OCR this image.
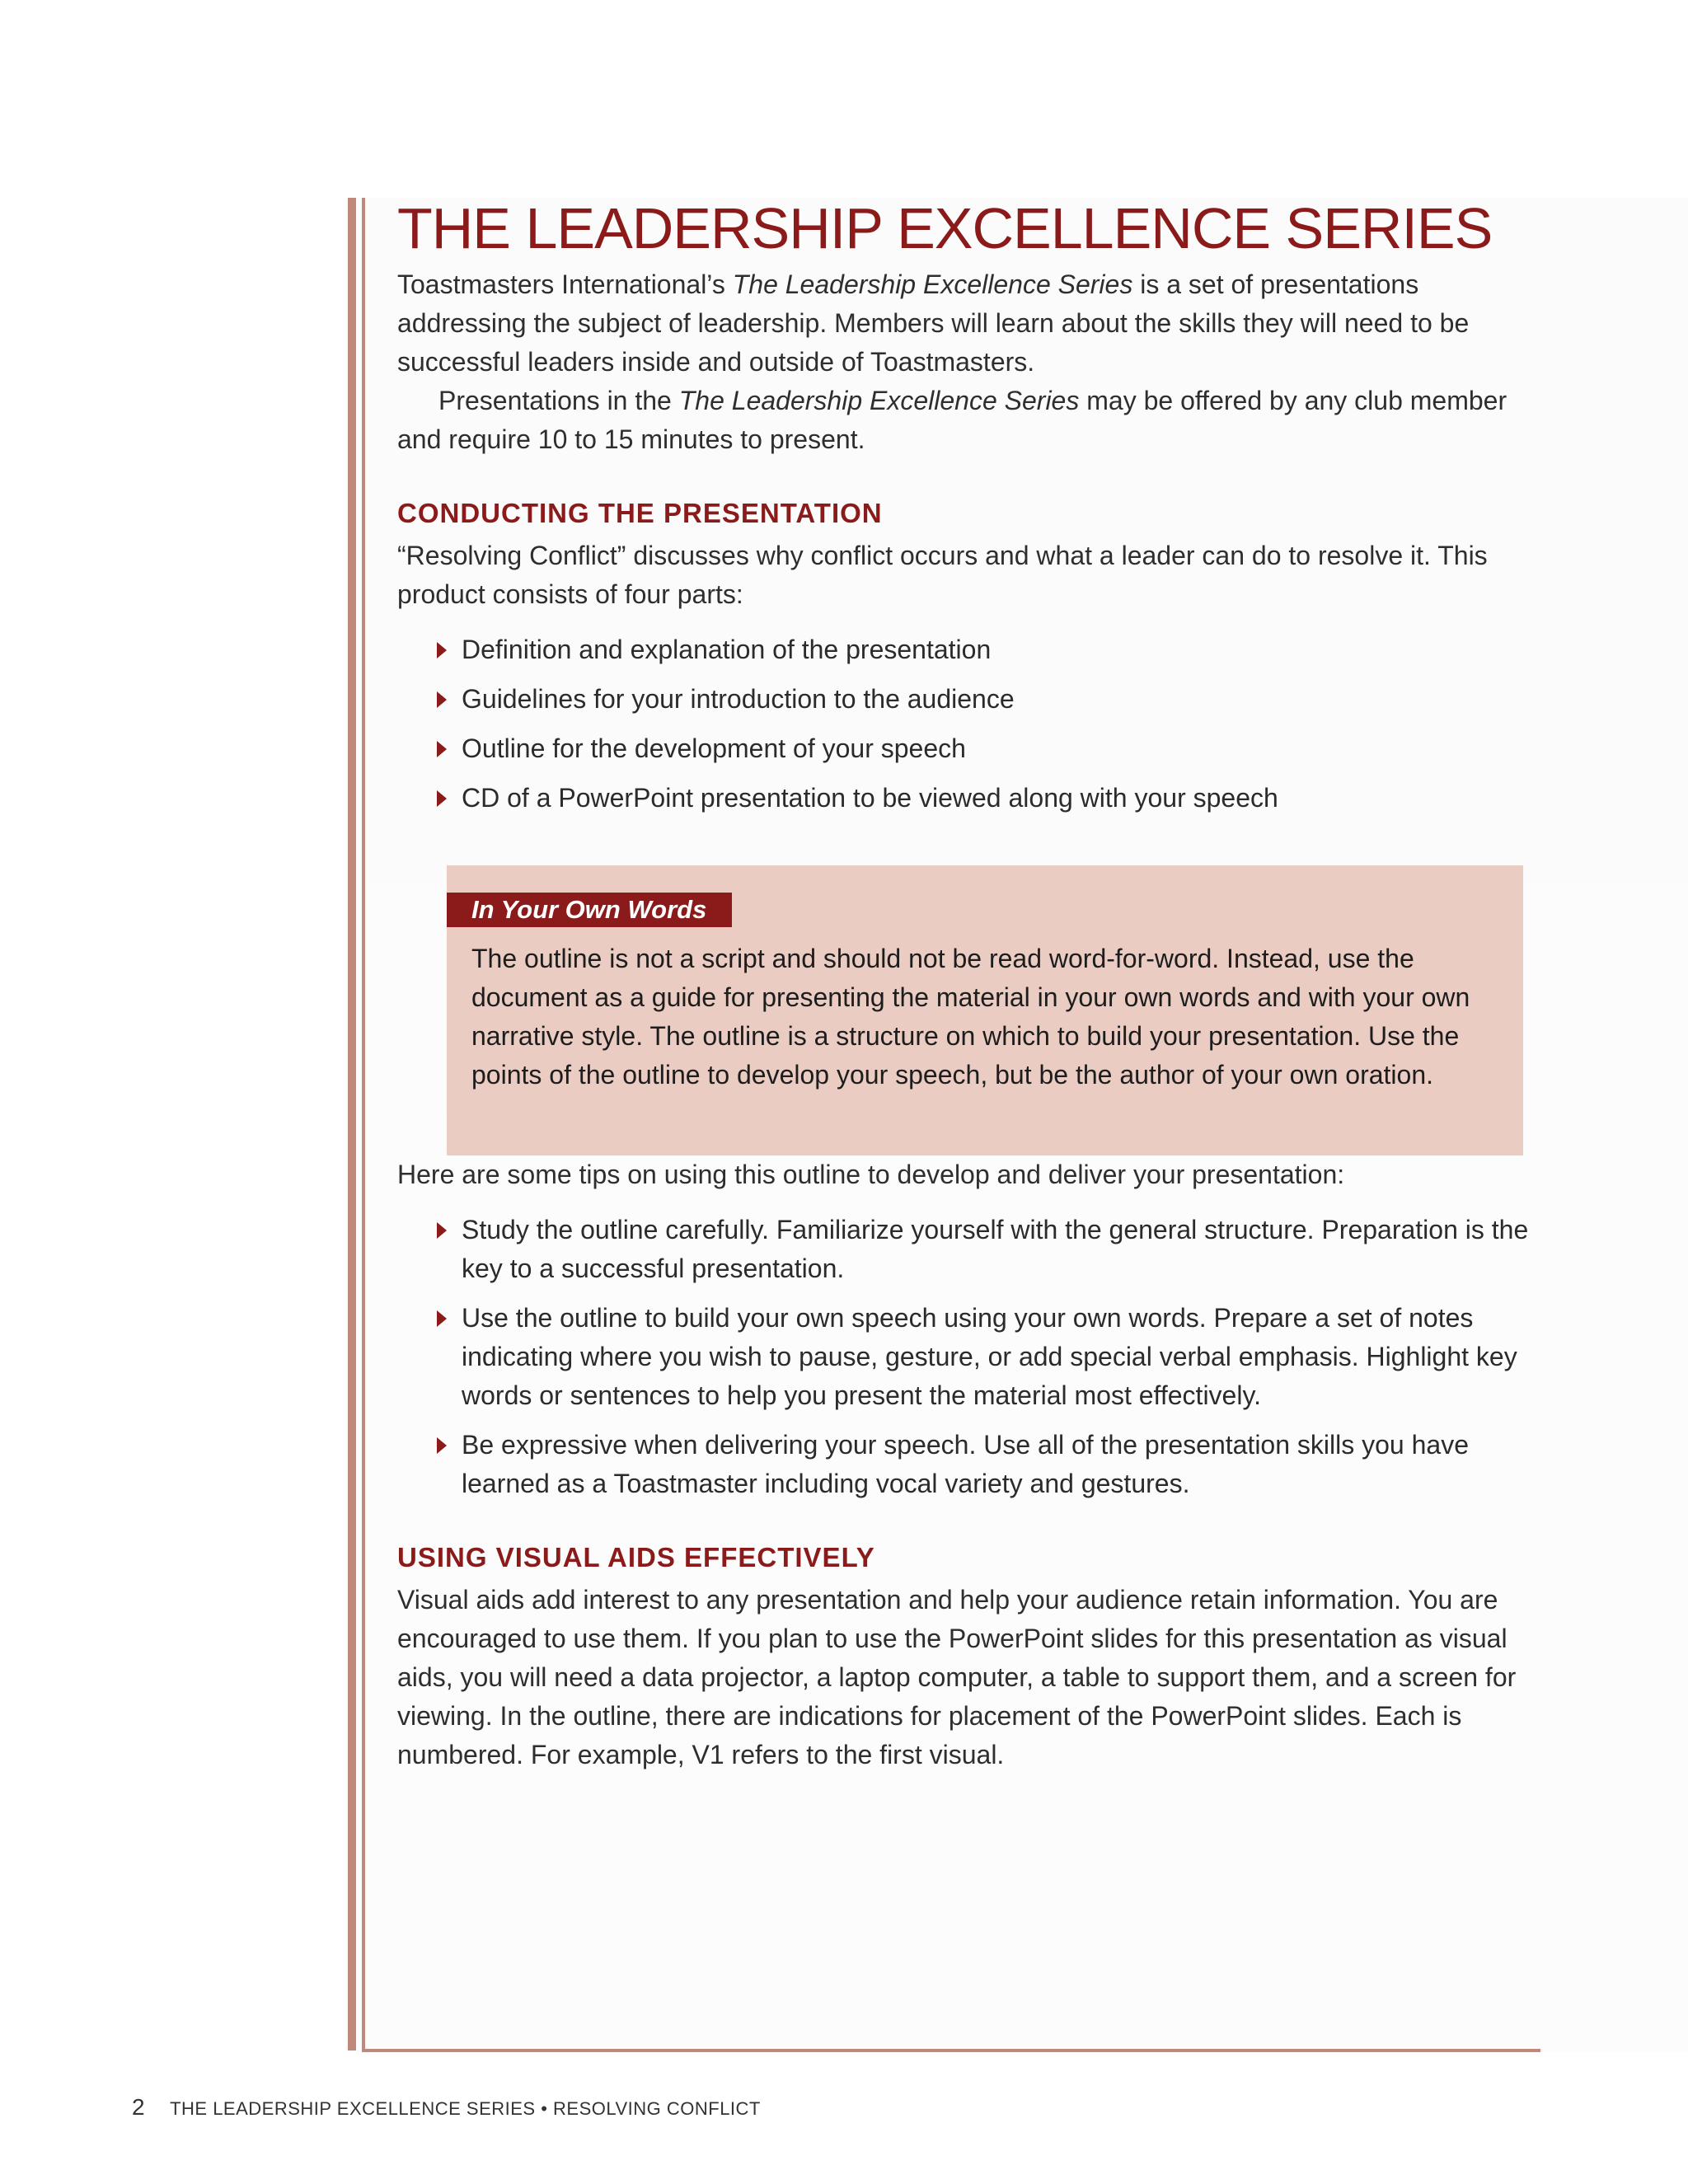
THE LEADERSHIP EXCELLENCE SERIES

Toastmasters International’s The Leadership Excellence Series is a set of presentations addressing the subject of leadership. Members will learn about the skills they will need to be successful leaders inside and outside of Toastmasters.

Presentations in the The Leadership Excellence Series may be offered by any club member and require 10 to 15 minutes to present.

CONDUCTING THE PRESENTATION

“Resolving Conflict” discusses why conflict occurs and what a leader can do to resolve it. This product consists of four parts:

Definition and explanation of the presentation
Guidelines for your introduction to the audience
Outline for the development of your speech
CD of a PowerPoint presentation to be viewed along with your speech
In Your Own Words

The outline is not a script and should not be read word-for-word. Instead, use the document as a guide for presenting the material in your own words and with your own narrative style. The outline is a structure on which to build your presentation. Use the points of the outline to develop your speech, but be the author of your own oration.

Here are some tips on using this outline to develop and deliver your presentation:

Study the outline carefully. Familiarize yourself with the general structure. Preparation is the key to a successful presentation.
Use the outline to build your own speech using your own words. Prepare a set of notes indicating where you wish to pause, gesture, or add special verbal emphasis. Highlight key words or sentences to help you present the material most effectively.
Be expressive when delivering your speech. Use all of the presentation skills you have learned as a Toastmaster including vocal variety and gestures.
USING VISUAL AIDS EFFECTIVELY

Visual aids add interest to any presentation and help your audience retain information. You are encouraged to use them. If you plan to use the PowerPoint slides for this presentation as visual aids, you will need a data projector, a laptop computer, a table to support them, and a screen for viewing. In the outline, there are indications for placement of the PowerPoint slides. Each is numbered. For example, V1 refers to the first visual.

2 THE LEADERSHIP EXCELLENCE SERIES • RESOLVING CONFLICT
